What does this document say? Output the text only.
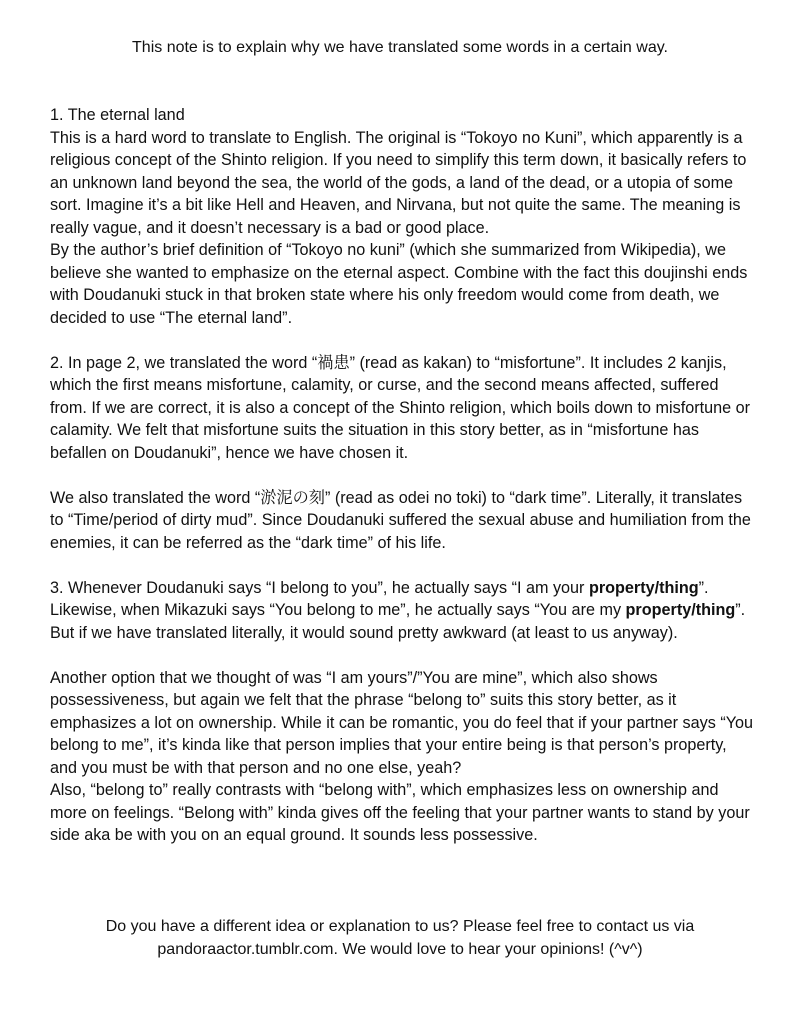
This note is to explain why we have translated some words in a certain way.

1. The eternal land

This is a hard word to translate to English. The original is “Tokoyo no Kuni”, which apparently is a religious concept of the Shinto religion. If you need to simplify this term down, it basically refers to an unknown land beyond the sea, the world of the gods, a land of the dead, or a utopia of some sort. Imagine it’s a bit like Hell and Heaven, and Nirvana, but not quite the same. The meaning is really vague, and it doesn’t necessary is a bad or good place.

By the author’s brief definition of “Tokoyo no kuni” (which she summarized from Wikipedia), we believe she wanted to emphasize on the eternal aspect. Combine with the fact this doujinshi ends with Doudanuki stuck in that broken state where his only freedom would come from death, we decided to use “The eternal land”.

2. In page 2, we translated the word “禍患” (read as kakan) to “misfortune”. It includes 2 kanjis, which the first means misfortune, calamity, or curse, and the second means affected, suffered from. If we are correct, it is also a concept of the Shinto religion, which boils down to misfortune or calamity. We felt that misfortune suits the situation in this story better, as in “misfortune has befallen on Doudanuki”, hence we have chosen it.

We also translated the word “淤泥の刻” (read as odei no toki) to “dark time”. Literally, it translates to “Time/period of dirty mud”. Since Doudanuki suffered the sexual abuse and humiliation from the enemies, it can be referred as the “dark time” of his life.

3. Whenever Doudanuki says “I belong to you”, he actually says “I am your property/thing”. Likewise, when Mikazuki says “You belong to me”, he actually says “You are my property/thing”. But if we have translated literally, it would sound pretty awkward (at least to us anyway).

Another option that we thought of was “I am yours”/”You are mine”, which also shows possessiveness, but again we felt that the phrase “belong to” suits this story better, as it emphasizes a lot on ownership. While it can be romantic, you do feel that if your partner says “You belong to me”, it’s kinda like that person implies that your entire being is that person’s property, and you must be with that person and no one else, yeah?

Also, “belong to” really contrasts with “belong with”, which emphasizes less on ownership and more on feelings. “Belong with” kinda gives off the feeling that your partner wants to stand by your side aka be with you on an equal ground. It sounds less possessive.

Do you have a different idea or explanation to us? Please feel free to contact us via
pandoraactor.tumblr.com. We would love to hear your opinions! (^v^)
